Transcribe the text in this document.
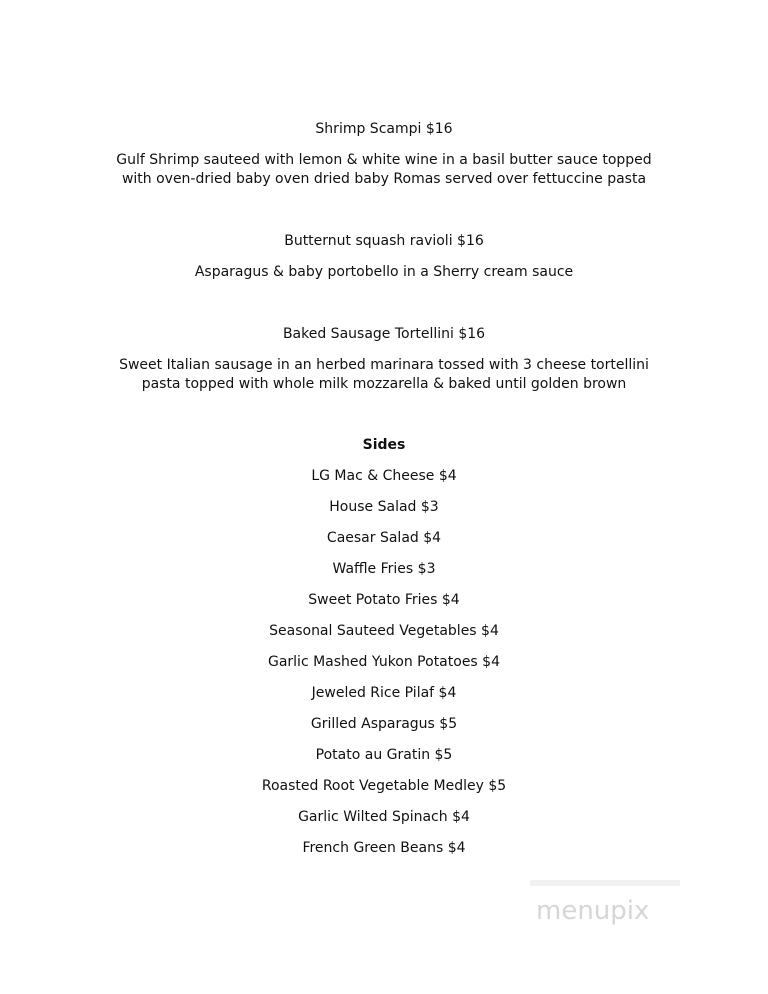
Shrimp Scampi $16
Gulf Shrimp sauteed with lemon & white wine in a basil butter sauce topped
with oven-dried baby oven dried baby Romas served over fettuccine pasta
Butternut squash ravioli $16
Asparagus & baby portobello in a Sherry cream sauce
Baked Sausage Tortellini $16
Sweet Italian sausage in an herbed marinara tossed with 3 cheese tortellini
pasta topped with whole milk mozzarella & baked until golden brown
Sides
LG Mac & Cheese $4
House Salad $3
Caesar Salad $4
Waffle Fries $3
Sweet Potato Fries $4
Seasonal Sauteed Vegetables $4
Garlic Mashed Yukon Potatoes $4
Jeweled Rice Pilaf $4
Grilled Asparagus $5
Potato au Gratin $5
Roasted Root Vegetable Medley $5
Garlic Wilted Spinach $4
French Green Beans $4
menupix
